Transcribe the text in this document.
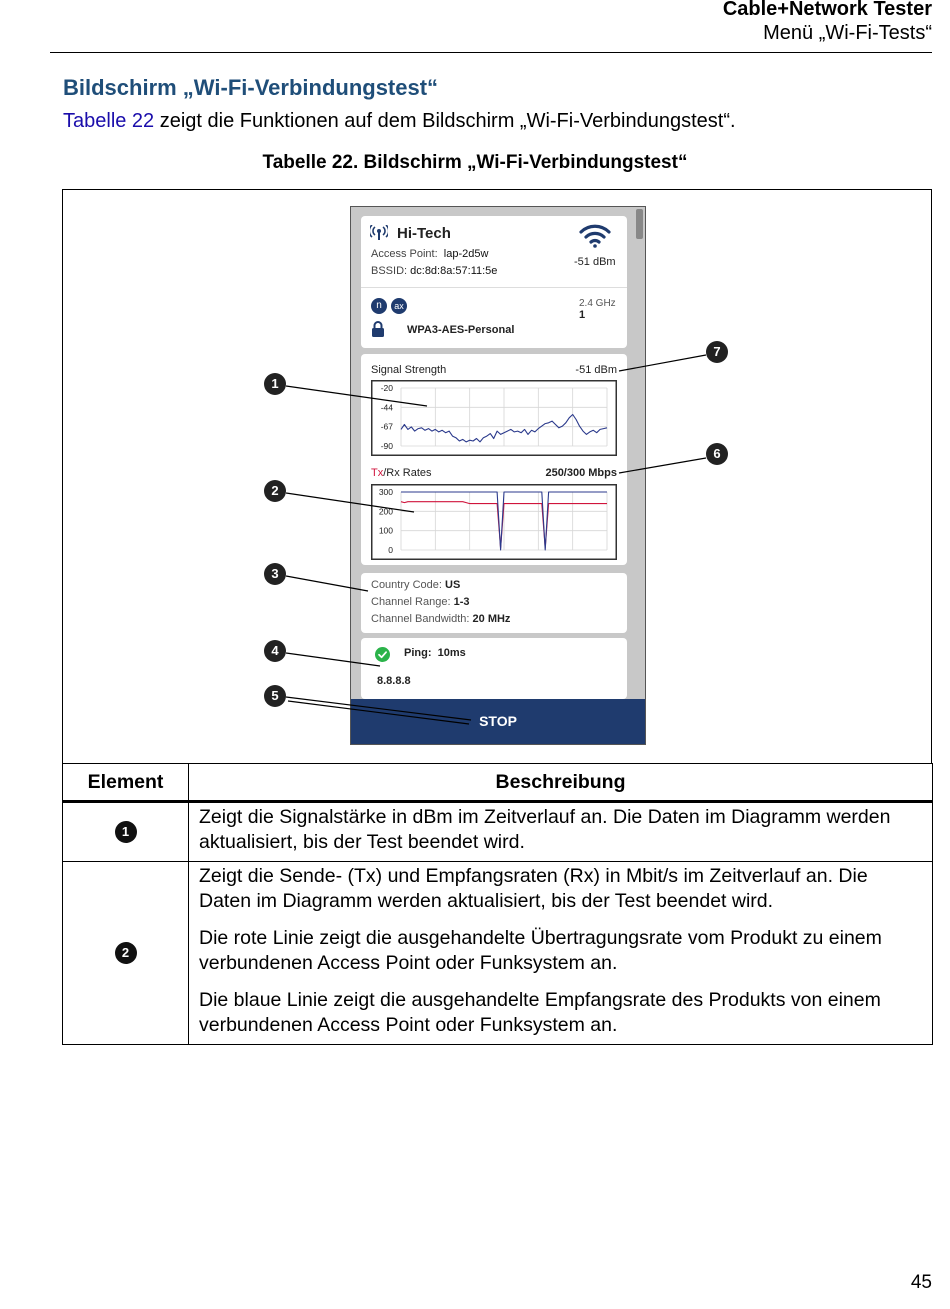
Cable+Network Tester
Menü „Wi-Fi-Tests“
Bildschirm „Wi-Fi-Verbindungstest“
Tabelle 22 zeigt die Funktionen auf dem Bildschirm „Wi-Fi-Verbindungstest“.
Tabelle 22. Bildschirm „Wi-Fi-Verbindungstest“
Hi-Tech
Access Point: lap-2d5w
BSSID: dc:8d:8a:57:11:5e
-51 dBm
n	ax	2.4 GHz
1
WPA3-AES-Personal
Signal Strength	-51 dBm
-20
-44
-67
-90
Tx/Rx Rates	250/300 Mbps
300
200
100
0
Country Code: US
Channel Range: 1-3
Channel Bandwidth: 20 MHz
Ping: 10ms
8.8.8.8
STOP
1
2
3
4
5
6
7
Element	Beschreibung
1	Zeigt die Signalstärke in dBm im Zeitverlauf an. Die Daten im Diagramm werden aktualisiert, bis der Test beendet wird.

2	Zeigt die Sende- (Tx) und Empfangsraten (Rx) in Mbit/s im Zeitverlauf an. Die Daten im Diagramm werden aktualisiert, bis der Test beendet wird.

Die rote Linie zeigt die ausgehandelte Übertragungsrate vom Produkt zu einem verbundenen Access Point oder Funksystem an.

Die blaue Linie zeigt die ausgehandelte Empfangsrate des Produkts von einem verbundenen Access Point oder Funksystem an.

45
